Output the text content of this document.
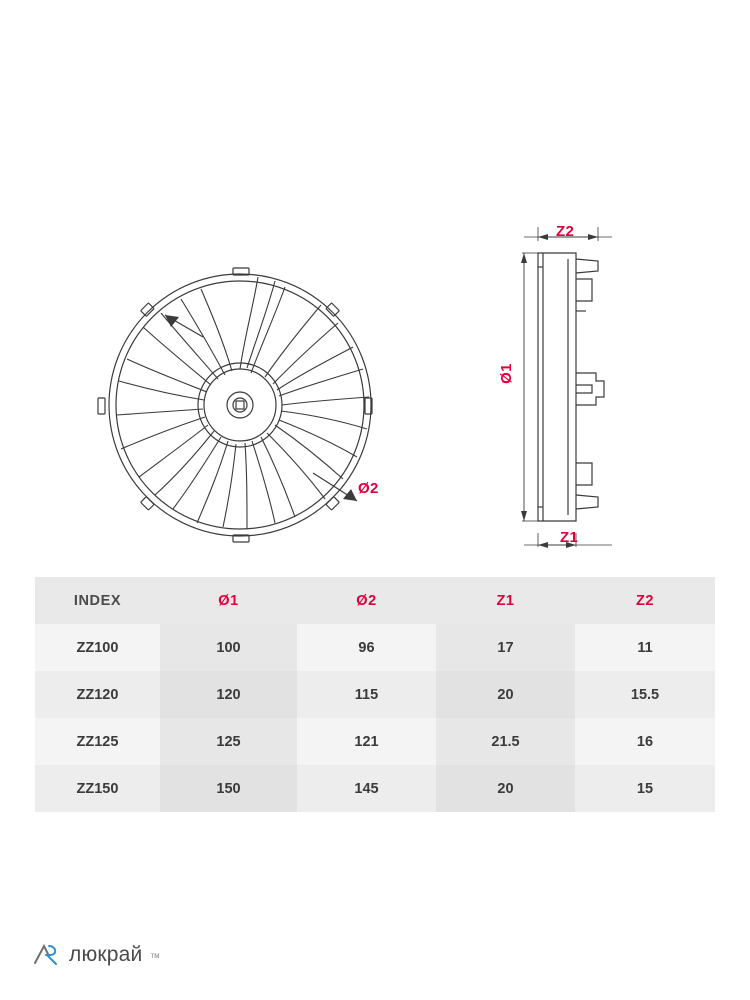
Ø2
Z2
Z1
Ø1
INDEX	Ø1	Ø2	Z1	Z2
ZZ100	100	96	17	11
ZZ120	120	115	20	15.5
ZZ125	125	121	21.5	16
ZZ150	150	145	20	15
люкрай тм
